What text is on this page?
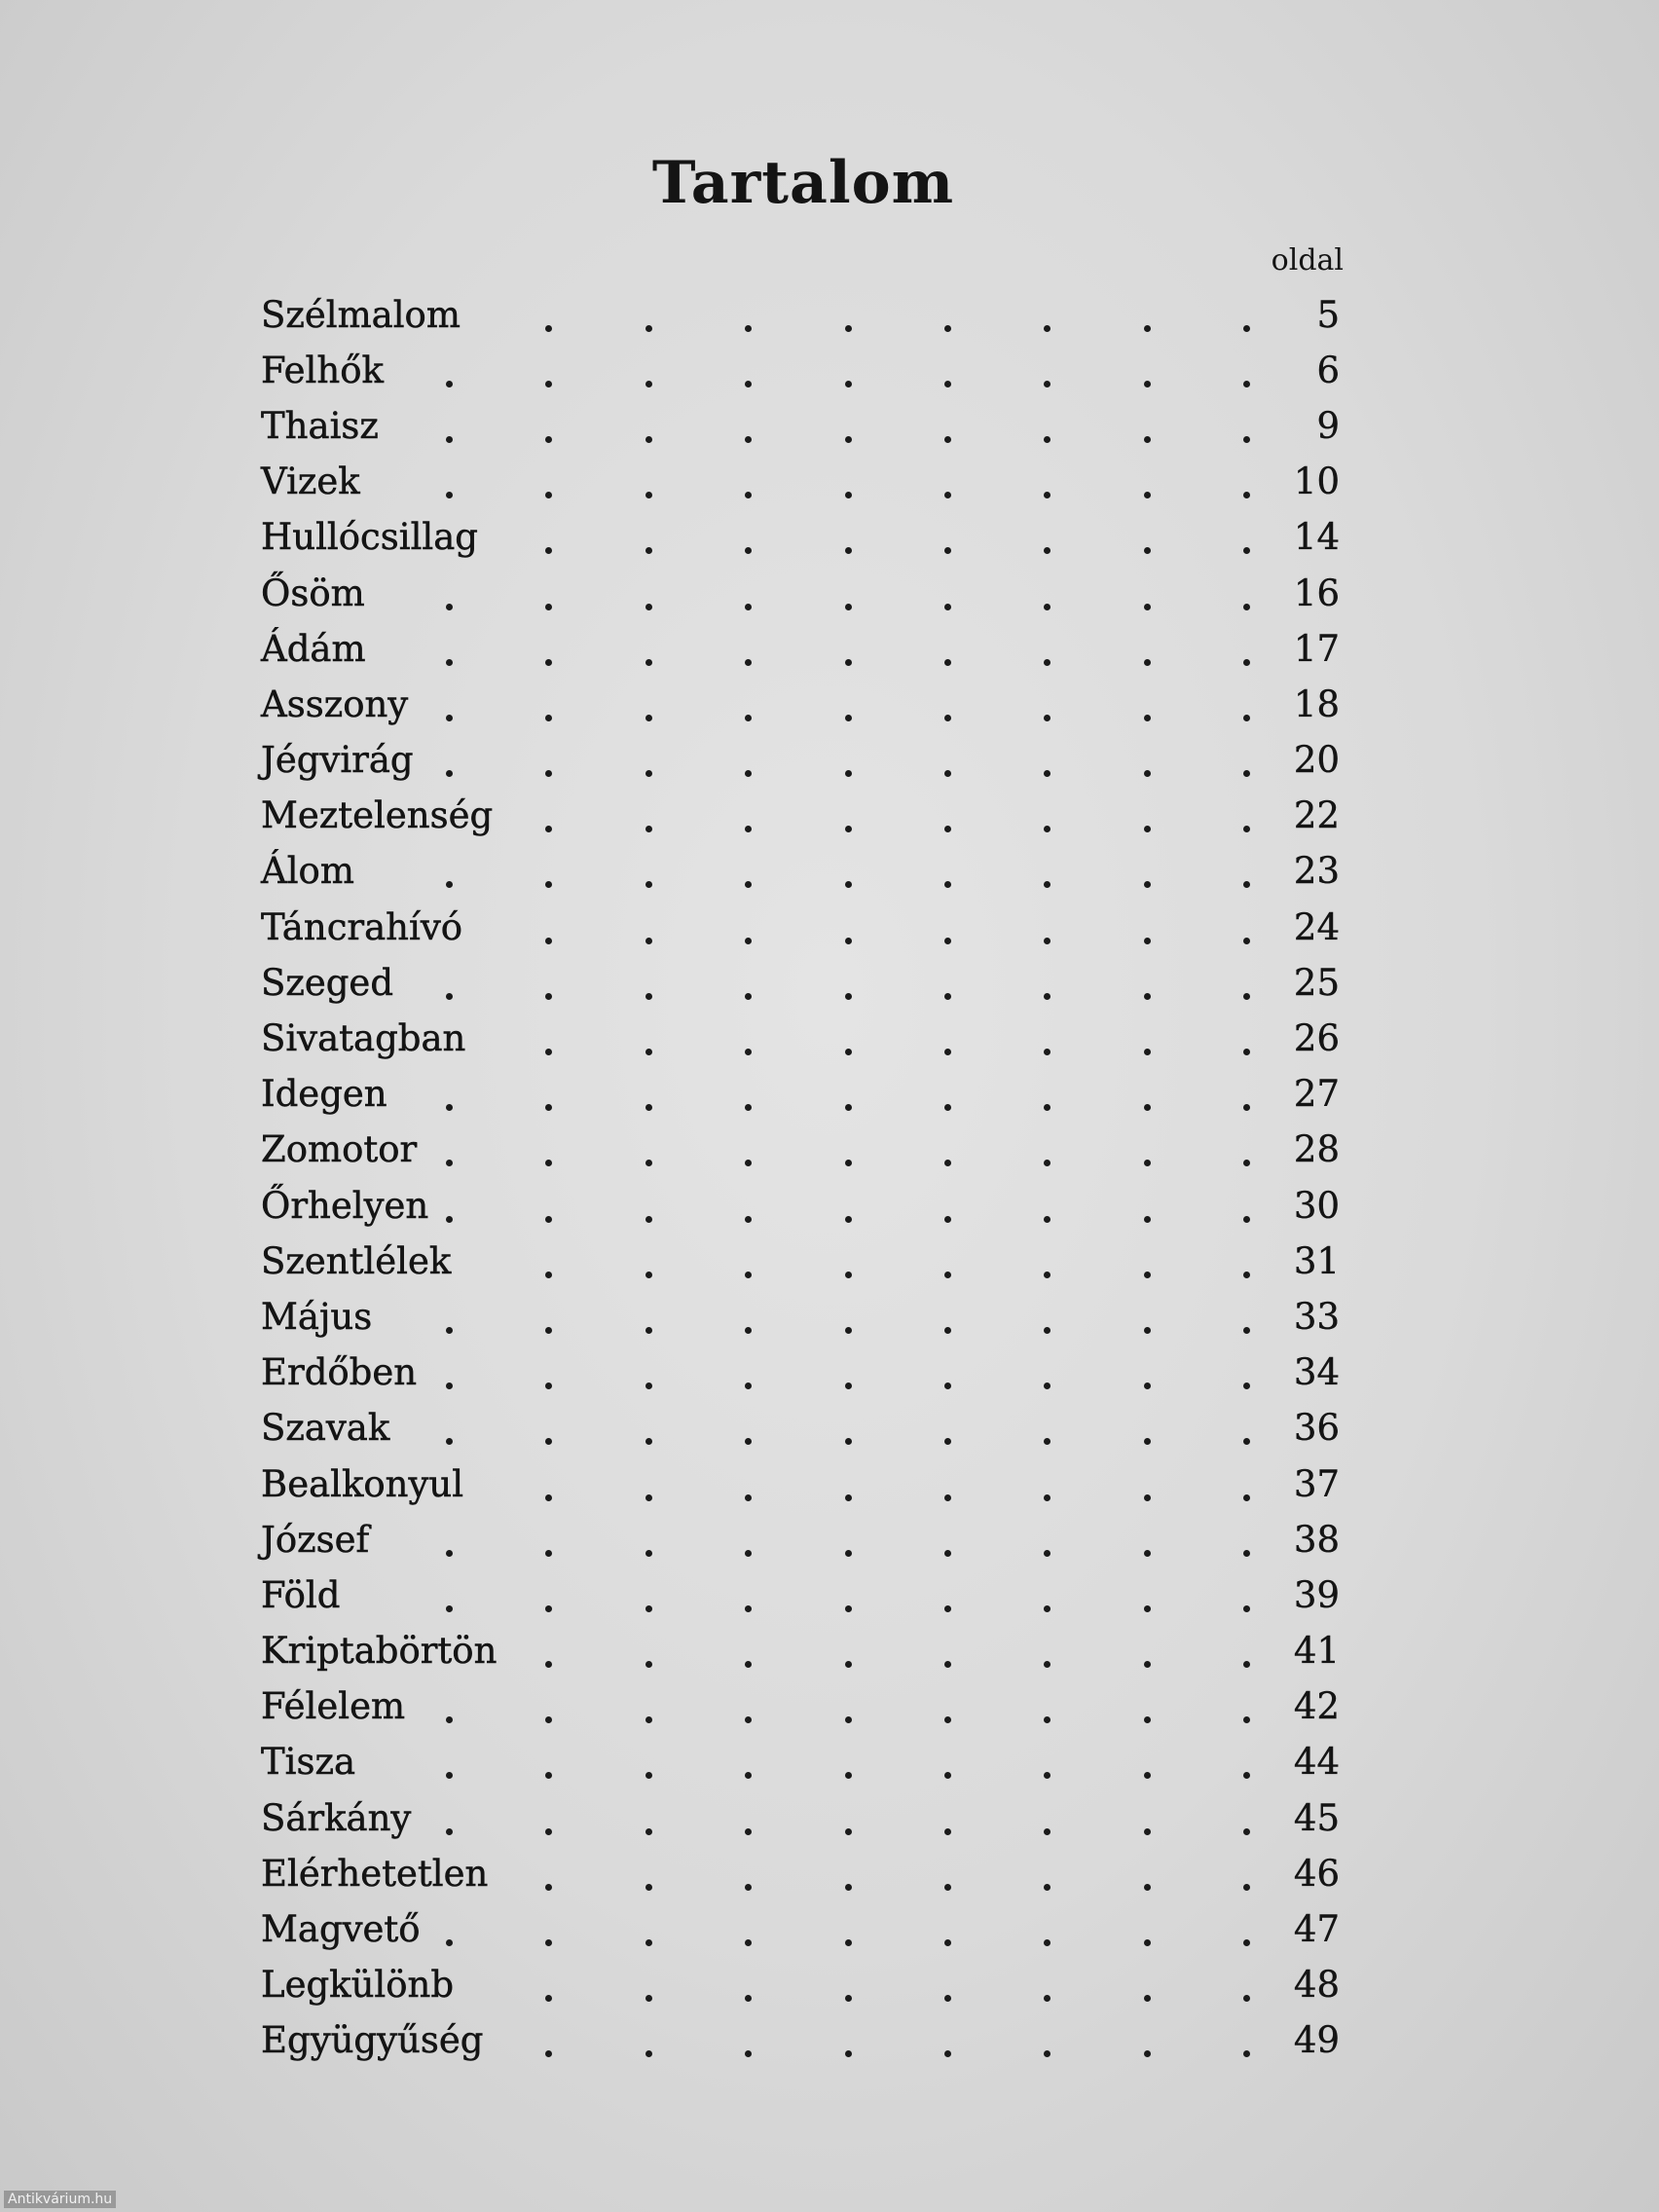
Tartalom
oldal
Szélmalom	5
Felhők	6
Thaisz	9
Vizek	10
Hullócsillag	14
Ősöm	16
Ádám	17
Asszony	18
Jégvirág	20
Meztelenség	22
Álom	23
Táncrahívó	24
Szeged	25
Sivatagban	26
Idegen	27
Zomotor	28
Őrhelyen	30
Szentlélek	31
Május	33
Erdőben	34
Szavak	36
Bealkonyul	37
József	38
Föld	39
Kriptabörtön	41
Félelem	42
Tisza	44
Sárkány	45
Elérhetetlen	46
Magvető	47
Legkülönb	48
Együgyűség	49
Antikvárium.hu
